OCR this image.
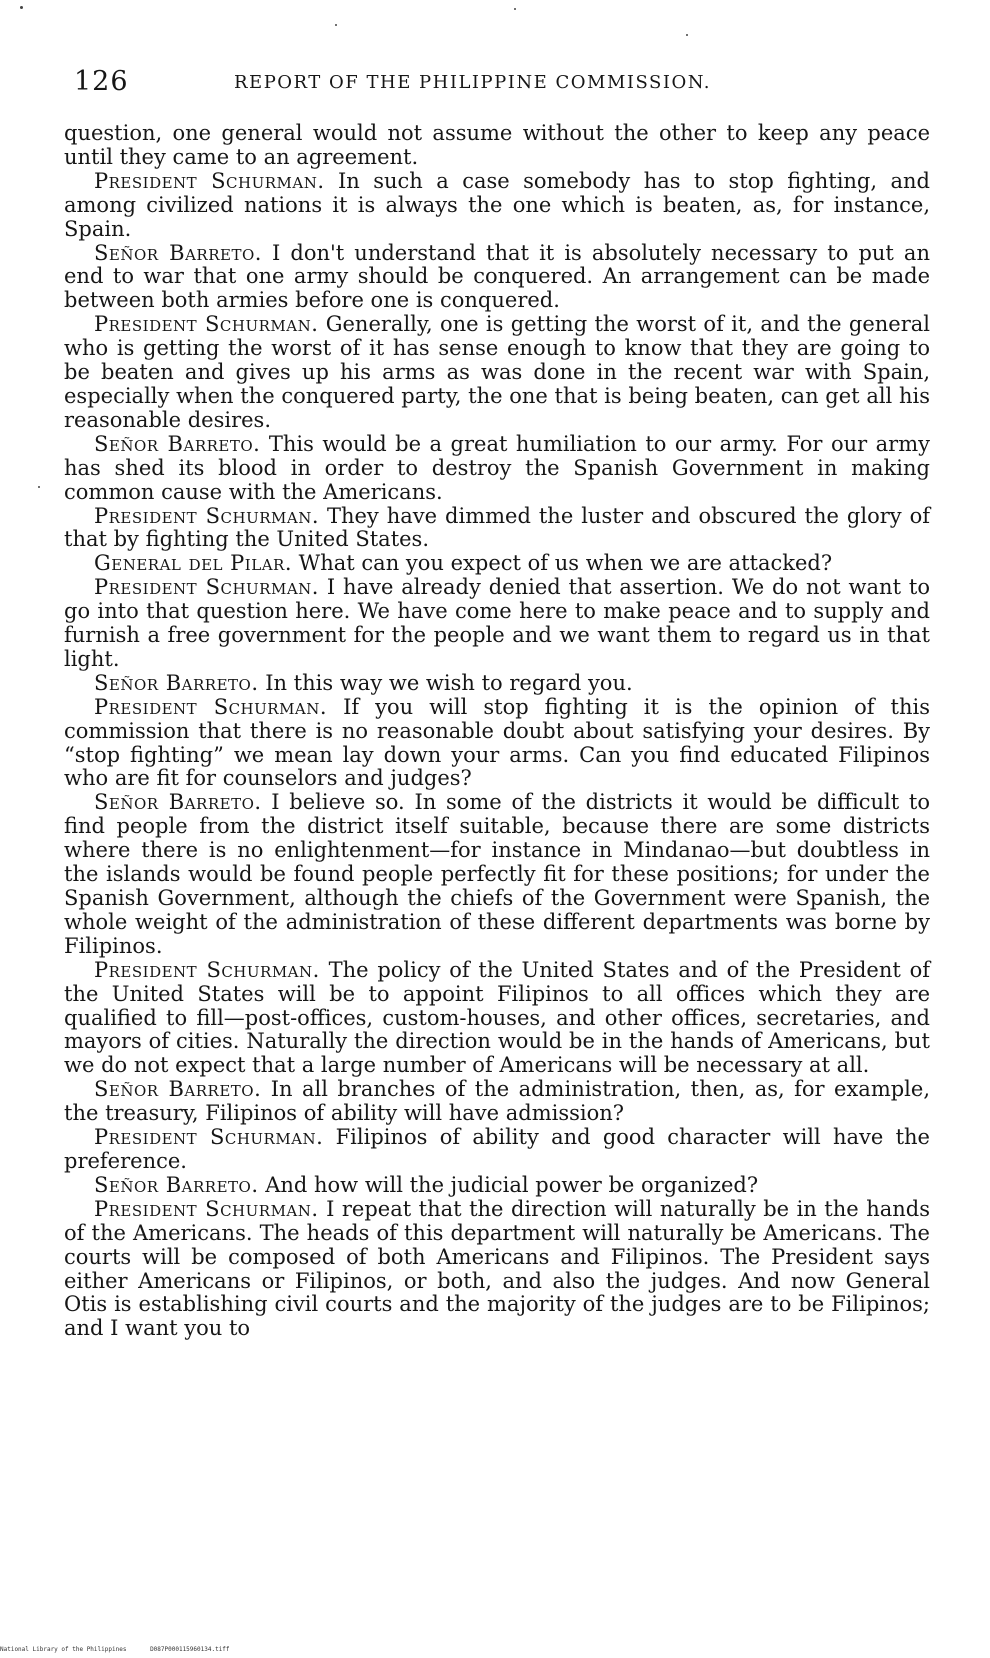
126	REPORT OF THE PHILIPPINE COMMISSION.

question, one general would not assume without the other to keep any peace until they came to an agreement.

President Schurman. In such a case somebody has to stop fighting, and among civilized nations it is always the one which is beaten, as, for instance, Spain.

Señor Barreto. I don't understand that it is absolutely necessary to put an end to war that one army should be conquered. An arrangement can be made between both armies before one is conquered.

President Schurman. Generally, one is getting the worst of it, and the general who is getting the worst of it has sense enough to know that they are going to be beaten and gives up his arms as was done in the recent war with Spain, especially when the conquered party, the one that is being beaten, can get all his reasonable desires.

Señor Barreto. This would be a great humiliation to our army. For our army has shed its blood in order to destroy the Spanish Government in making common cause with the Americans.

President Schurman. They have dimmed the luster and obscured the glory of that by fighting the United States.

General del Pilar. What can you expect of us when we are attacked?

President Schurman. I have already denied that assertion. We do not want to go into that question here. We have come here to make peace and to supply and furnish a free government for the people and we want them to regard us in that light.

Señor Barreto. In this way we wish to regard you.

President Schurman. If you will stop fighting it is the opinion of this commission that there is no reasonable doubt about satisfying your desires. By “stop fighting” we mean lay down your arms. Can you find educated Filipinos who are fit for counselors and judges?

Señor Barreto. I believe so. In some of the districts it would be difficult to find people from the district itself suitable, because there are some districts where there is no enlightenment—for instance in Mindanao—but doubtless in the islands would be found people perfectly fit for these positions; for under the Spanish Government, although the chiefs of the Government were Spanish, the whole weight of the administration of these different departments was borne by Filipinos.

President Schurman. The policy of the United States and of the President of the United States will be to appoint Filipinos to all offices which they are qualified to fill—post-offices, custom-houses, and other offices, secretaries, and mayors of cities. Naturally the direction would be in the hands of Americans, but we do not expect that a large number of Americans will be necessary at all.

Señor Barreto. In all branches of the administration, then, as, for example, the treasury, Filipinos of ability will have admission?

President Schurman. Filipinos of ability and good character will have the preference.

Señor Barreto. And how will the judicial power be organized?

President Schurman. I repeat that the direction will naturally be in the hands of the Americans. The heads of this department will naturally be Americans. The courts will be composed of both Americans and Filipinos. The President says either Americans or Filipinos, or both, and also the judges. And now General Otis is establishing civil courts and the majority of the judges are to be Filipinos; and I want you to

National Library of the Philippines	D087P000115960134.tiff
